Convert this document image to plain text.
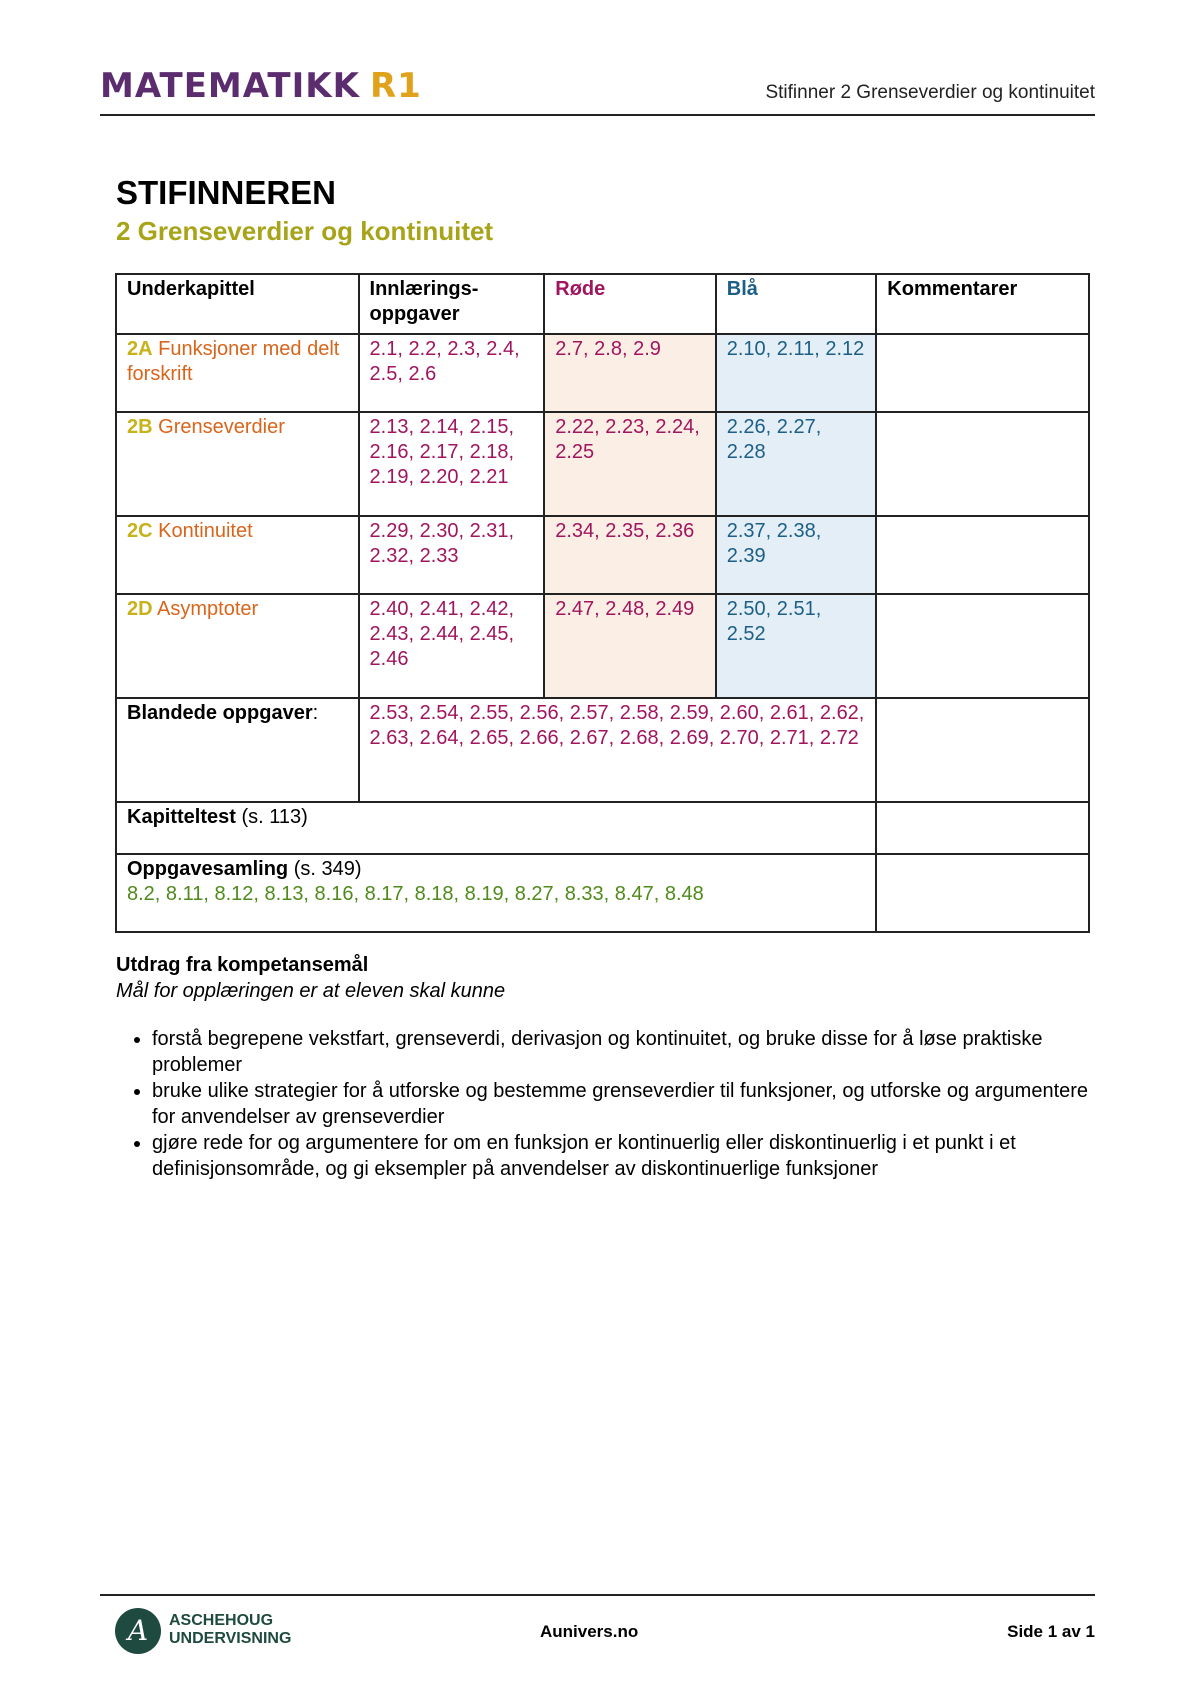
MATEMATIKK R1	Stifinner 2 Grenseverdier og kontinuitet
STIFINNEREN
2 Grenseverdier og kontinuitet
Underkapittel	Innlærings-oppgaver	Røde	Blå	Kommentarer
2A Funksjoner med delt forskrift	2.1, 2.2, 2.3, 2.4, 2.5, 2.6	2.7, 2.8, 2.9	2.10, 2.11, 2.12	
2B Grenseverdier	2.13, 2.14, 2.15, 2.16, 2.17, 2.18, 2.19, 2.20, 2.21	2.22, 2.23, 2.24, 2.25	2.26, 2.27, 2.28	
2C Kontinuitet	2.29, 2.30, 2.31, 2.32, 2.33	2.34, 2.35, 2.36	2.37, 2.38, 2.39	
2D Asymptoter	2.40, 2.41, 2.42, 2.43, 2.44, 2.45, 2.46	2.47, 2.48, 2.49	2.50, 2.51, 2.52	
Blandede oppgaver:	2.53, 2.54, 2.55, 2.56, 2.57, 2.58, 2.59, 2.60, 2.61, 2.62, 2.63, 2.64, 2.65, 2.66, 2.67, 2.68, 2.69, 2.70, 2.71, 2.72			
Kapitteltest (s. 113)				
Oppgavesamling (s. 349)
8.2, 8.11, 8.12, 8.13, 8.16, 8.17, 8.18, 8.19, 8.27, 8.33, 8.47, 8.48				
Utdrag fra kompetansemål
Mål for opplæringen er at eleven skal kunne
• forstå begrepene vekstfart, grenseverdi, derivasjon og kontinuitet, og bruke disse for å løse praktiske problemer
• bruke ulike strategier for å utforske og bestemme grenseverdier til funksjoner, og utforske og argumentere for anvendelser av grenseverdier
• gjøre rede for og argumentere for om en funksjon er kontinuerlig eller diskontinuerlig i et punkt i et definisjonsområde, og gi eksempler på anvendelser av diskontinuerlige funksjoner
A	ASCHEHOUG
UNDERVISNING	Aunivers.no	Side 1 av 1
